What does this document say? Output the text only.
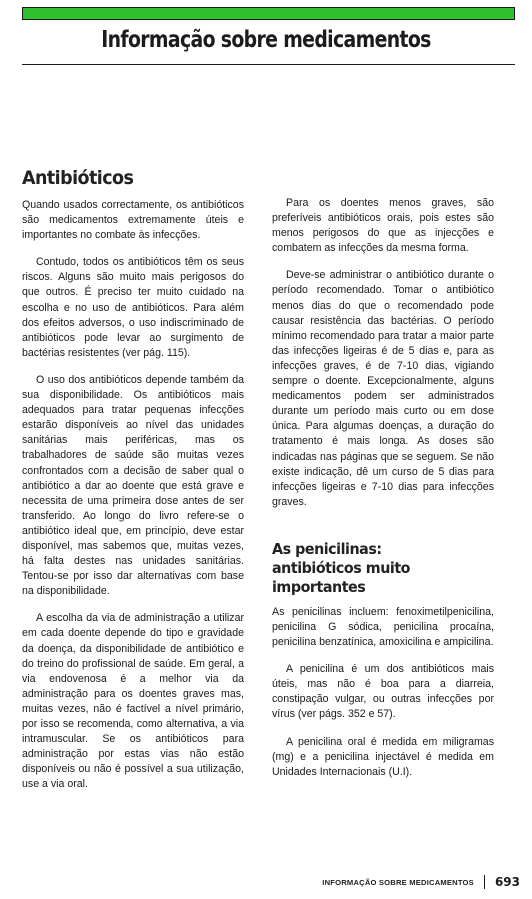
Informação sobre medicamentos
Antibióticos

Quando usados correctamente, os antibióticos são medicamentos extremamente úteis e importantes no combate às infecções.

Contudo, todos os antibióticos têm os seus riscos. Alguns são muito mais perigosos do que outros. É preciso ter muito cuidado na escolha e no uso de antibióticos. Para além dos efeitos adversos, o uso indiscriminado de antibióticos pode levar ao surgimento de bactérias resistentes (ver pág. 115).

O uso dos antibióticos depende também da sua disponibilidade. Os antibióticos mais adequados para tratar pequenas infecções estarão disponíveis ao nível das unidades sanitárias mais periféricas, mas os trabalhadores de saúde são muitas vezes confrontados com a decisão de saber qual o antibiótico a dar ao doente que está grave e necessita de uma primeira dose antes de ser transferido. Ao longo do livro refere-se o antibiótico ideal que, em princípio, deve estar disponível, mas sabemos que, muitas vezes, há falta destes nas unidades sanitárias. Tentou-se por isso dar alternativas com base na disponibilidade.

A escolha da via de administração a utilizar em cada doente depende do tipo e gravidade da doença, da disponibilidade de antibiótico e do treino do profissional de saúde. Em geral, a via endovenosa é a melhor via da administração para os doentes graves mas, muitas vezes, não é factível a nível primário, por isso se recomenda, como alternativa, a via intramuscular. Se os antibióticos para administração por estas vias não estão disponíveis ou não é possível a sua utilização, use a via oral.

Para os doentes menos graves, são preferíveis antibióticos orais, pois estes são menos perigosos do que as injecções e combatem as infecções da mesma forma.

Deve-se administrar o antibiótico durante o período recomendado. Tomar o antibiótico menos dias do que o recomendado pode causar resistência das bactérias. O período mínimo recomendado para tratar a maior parte das infecções ligeiras é de 5 dias e, para as infecções graves, é de 7-10 dias, vigiando sempre o doente. Excepcionalmente, alguns medicamentos podem ser administrados durante um período mais curto ou em dose única. Para algumas doenças, a duração do tratamento é mais longa. As doses são indicadas nas páginas que se seguem. Se não existe indicação, dê um curso de 5 dias para infecções ligeiras e 7-10 dias para infecções graves.

As penicilinas:
antibióticos muito importantes

As penicilinas incluem: fenoximetilpenicilina, penicilina G sódica, penicilina procaína, penicilina benzatínica, amoxicilina e ampicilina.

A penicilina é um dos antibióticos mais úteis, mas não é boa para a diarreia, constipação vulgar, ou outras infecções por vírus (ver págs. 352 e 57).

A penicilina oral é medida em miligramas (mg) e a penicilina injectável é medida em Unidades Internacionais (U.I).

INFORMAÇÃO SOBRE MEDICAMENTOS 693
